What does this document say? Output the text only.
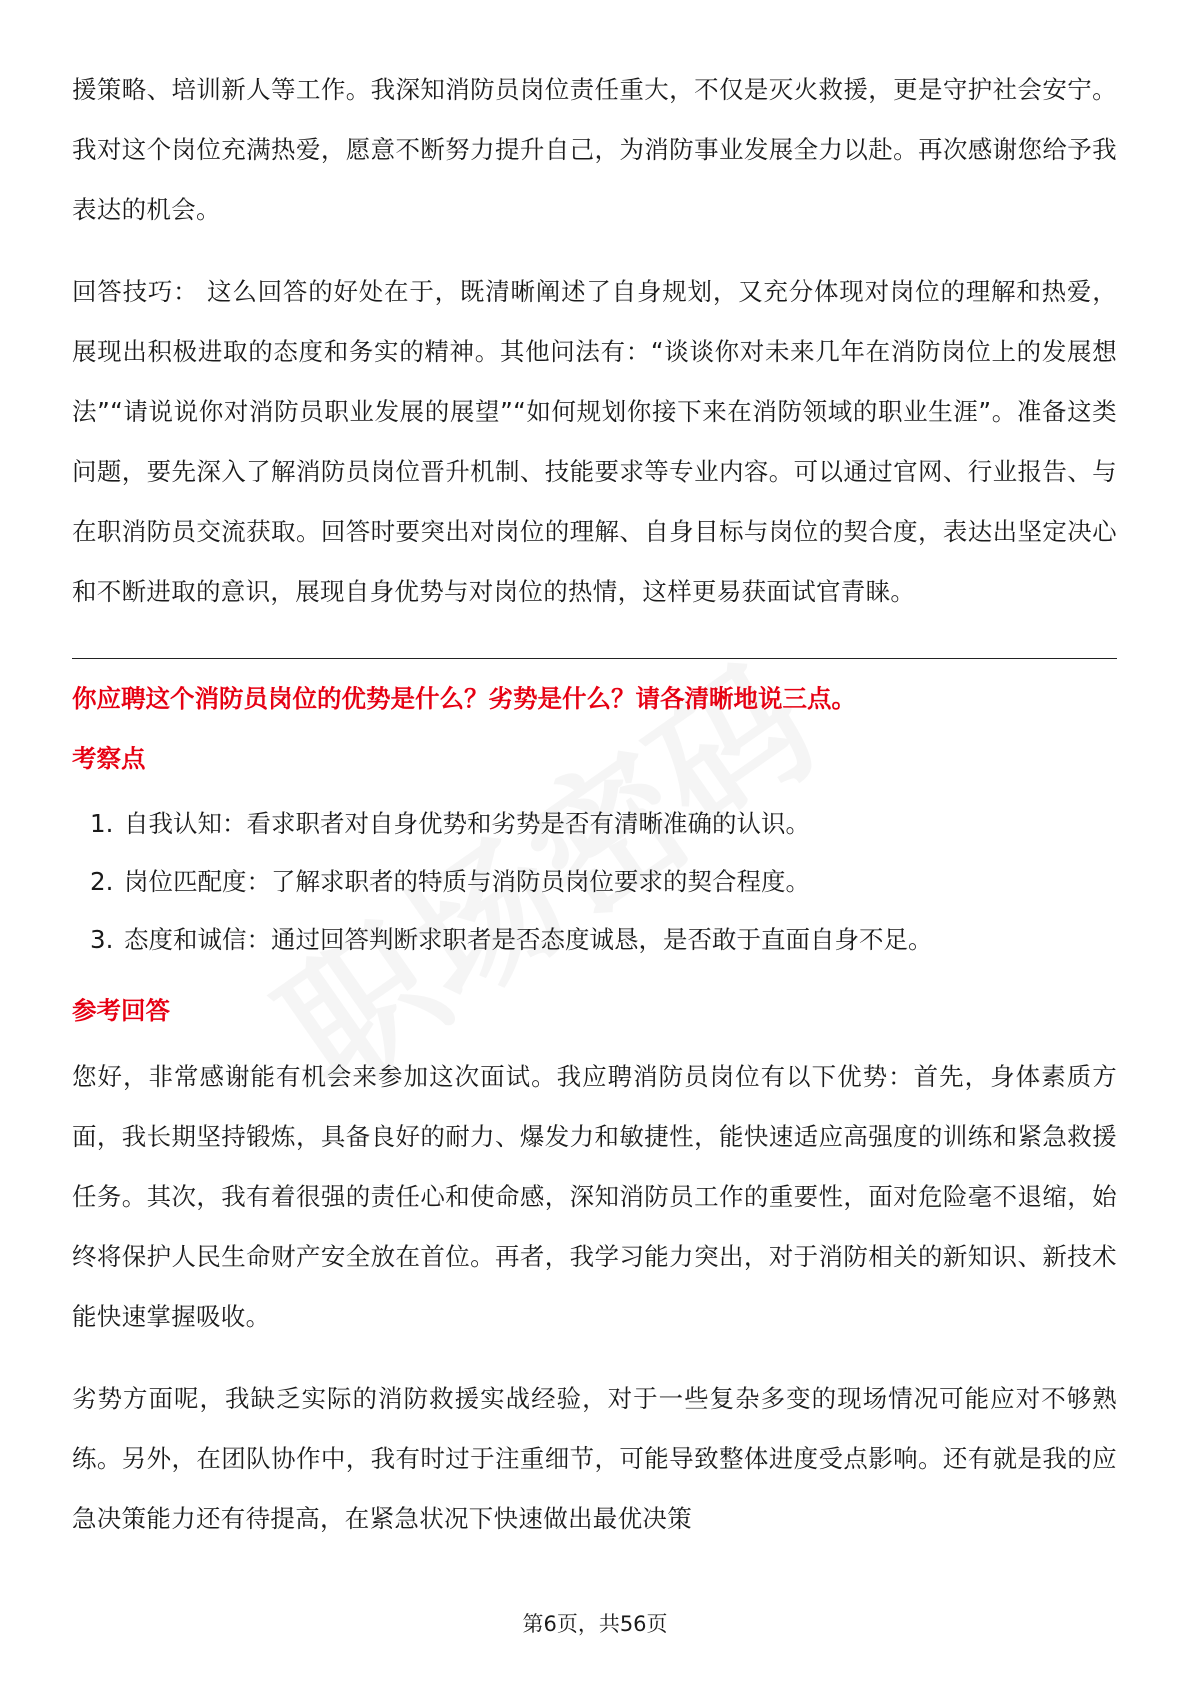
援策略、培训新人等工作。我深知消防员岗位责任重大，不仅是灭火救援，更是守护社会安宁。我对这个岗位充满热爱，愿意不断努力提升自己，为消防事业发展全力以赴。再次感谢您给予我表达的机会。

回答技巧： 这么回答的好处在于，既清晰阐述了自身规划，又充分体现对岗位的理解和热爱，展现出积极进取的态度和务实的精神。其他问法有：“谈谈你对未来几年在消防岗位上的发展想法”“请说说你对消防员职业发展的展望”“如何规划你接下来在消防领域的职业生涯”。准备这类问题，要先深入了解消防员岗位晋升机制、技能要求等专业内容。可以通过官网、行业报告、与在职消防员交流获取。回答时要突出对岗位的理解、自身目标与岗位的契合度，表达出坚定决心和不断进取的意识，展现自身优势与对岗位的热情，这样更易获面试官青睐。

你应聘这个消防员岗位的优势是什么？劣势是什么？请各清晰地说三点。
考察点
1. 自我认知：看求职者对自身优势和劣势是否有清晰准确的认识。
2. 岗位匹配度：了解求职者的特质与消防员岗位要求的契合程度。
3. 态度和诚信：通过回答判断求职者是否态度诚恳，是否敢于直面自身不足。
参考回答

您好，非常感谢能有机会来参加这次面试。我应聘消防员岗位有以下优势：首先，身体素质方面，我长期坚持锻炼，具备良好的耐力、爆发力和敏捷性，能快速适应高强度的训练和紧急救援任务。其次，我有着很强的责任心和使命感，深知消防员工作的重要性，面对危险毫不退缩，始终将保护人民生命财产安全放在首位。再者，我学习能力突出，对于消防相关的新知识、新技术能快速掌握吸收。

劣势方面呢，我缺乏实际的消防救援实战经验，对于一些复杂多变的现场情况可能应对不够熟练。另外，在团队协作中，我有时过于注重细节，可能导致整体进度受点影响。还有就是我的应急决策能力还有待提高，在紧急状况下快速做出最优决策

第6页，共56页
